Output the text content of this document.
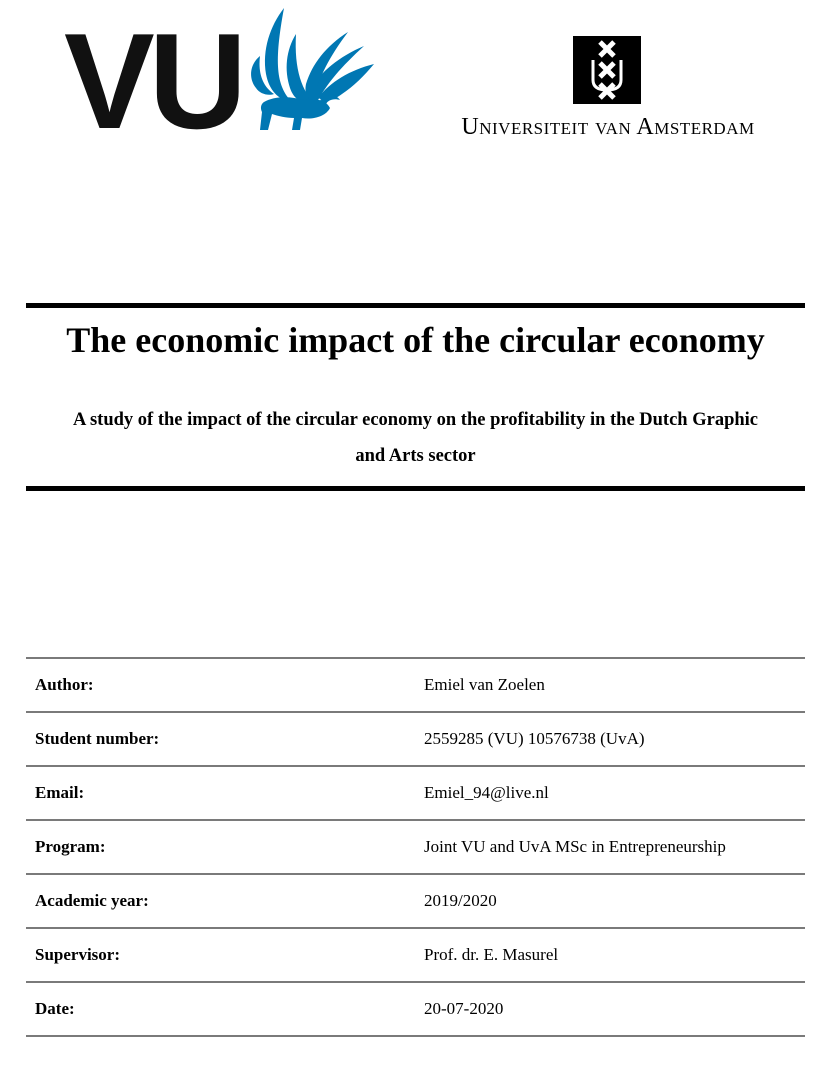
VU	Universiteit van Amsterdam
The economic impact of the circular economy
A study of the impact of the circular economy on the profitability in the Dutch Graphic and Arts sector
Author:	Emiel van Zoelen
Student number:	2559285 (VU) 10576738 (UvA)
Email:	Emiel_94@live.nl
Program:	Joint VU and UvA MSc in Entrepreneurship
Academic year:	2019/2020
Supervisor:	Prof. dr. E. Masurel
Date:	20-07-2020
